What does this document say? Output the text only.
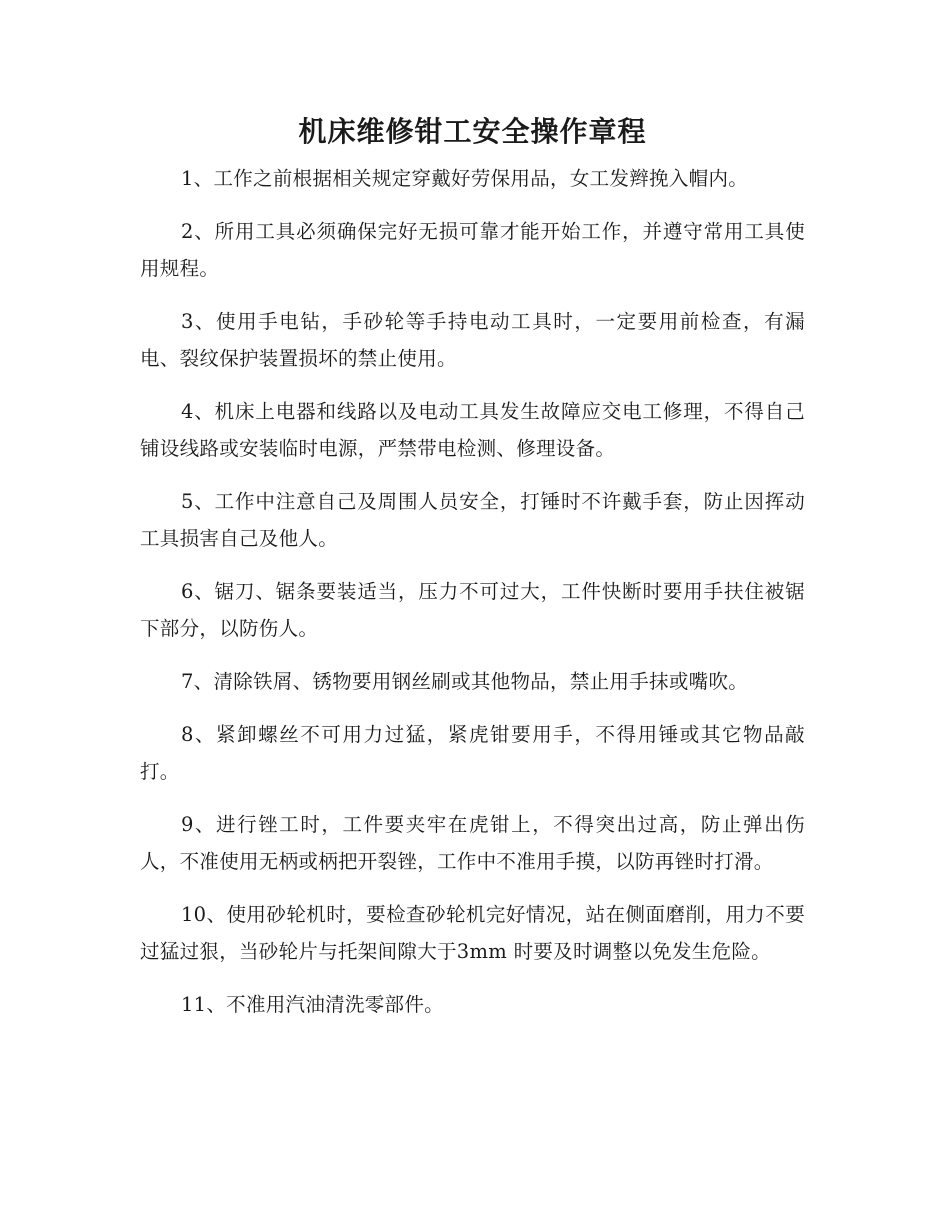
机床维修钳工安全操作章程

1、工作之前根据相关规定穿戴好劳保用品，女工发辫挽入帽内。

2、所用工具必须确保完好无损可靠才能开始工作，并遵守常用工具使用规程。

3、使用手电钻，手砂轮等手持电动工具时，一定要用前检查，有漏电、裂纹保护装置损坏的禁止使用。

4、机床上电器和线路以及电动工具发生故障应交电工修理，不得自己铺设线路或安装临时电源，严禁带电检测、修理设备。

5、工作中注意自己及周围人员安全，打锤时不许戴手套，防止因挥动工具损害自己及他人。

6、锯刀、锯条要装适当，压力不可过大，工件快断时要用手扶住被锯下部分，以防伤人。

7、清除铁屑、锈物要用钢丝刷或其他物品，禁止用手抹或嘴吹。

8、紧卸螺丝不可用力过猛，紧虎钳要用手，不得用锤或其它物品敲打。

9、进行锉工时，工件要夹牢在虎钳上，不得突出过高，防止弹出伤人，不准使用无柄或柄把开裂锉，工作中不准用手摸，以防再锉时打滑。

10、使用砂轮机时，要检查砂轮机完好情况，站在侧面磨削，用力不要过猛过狠，当砂轮片与托架间隙大于3mm 时要及时调整以免发生危险。

11、不准用汽油清洗零部件。
